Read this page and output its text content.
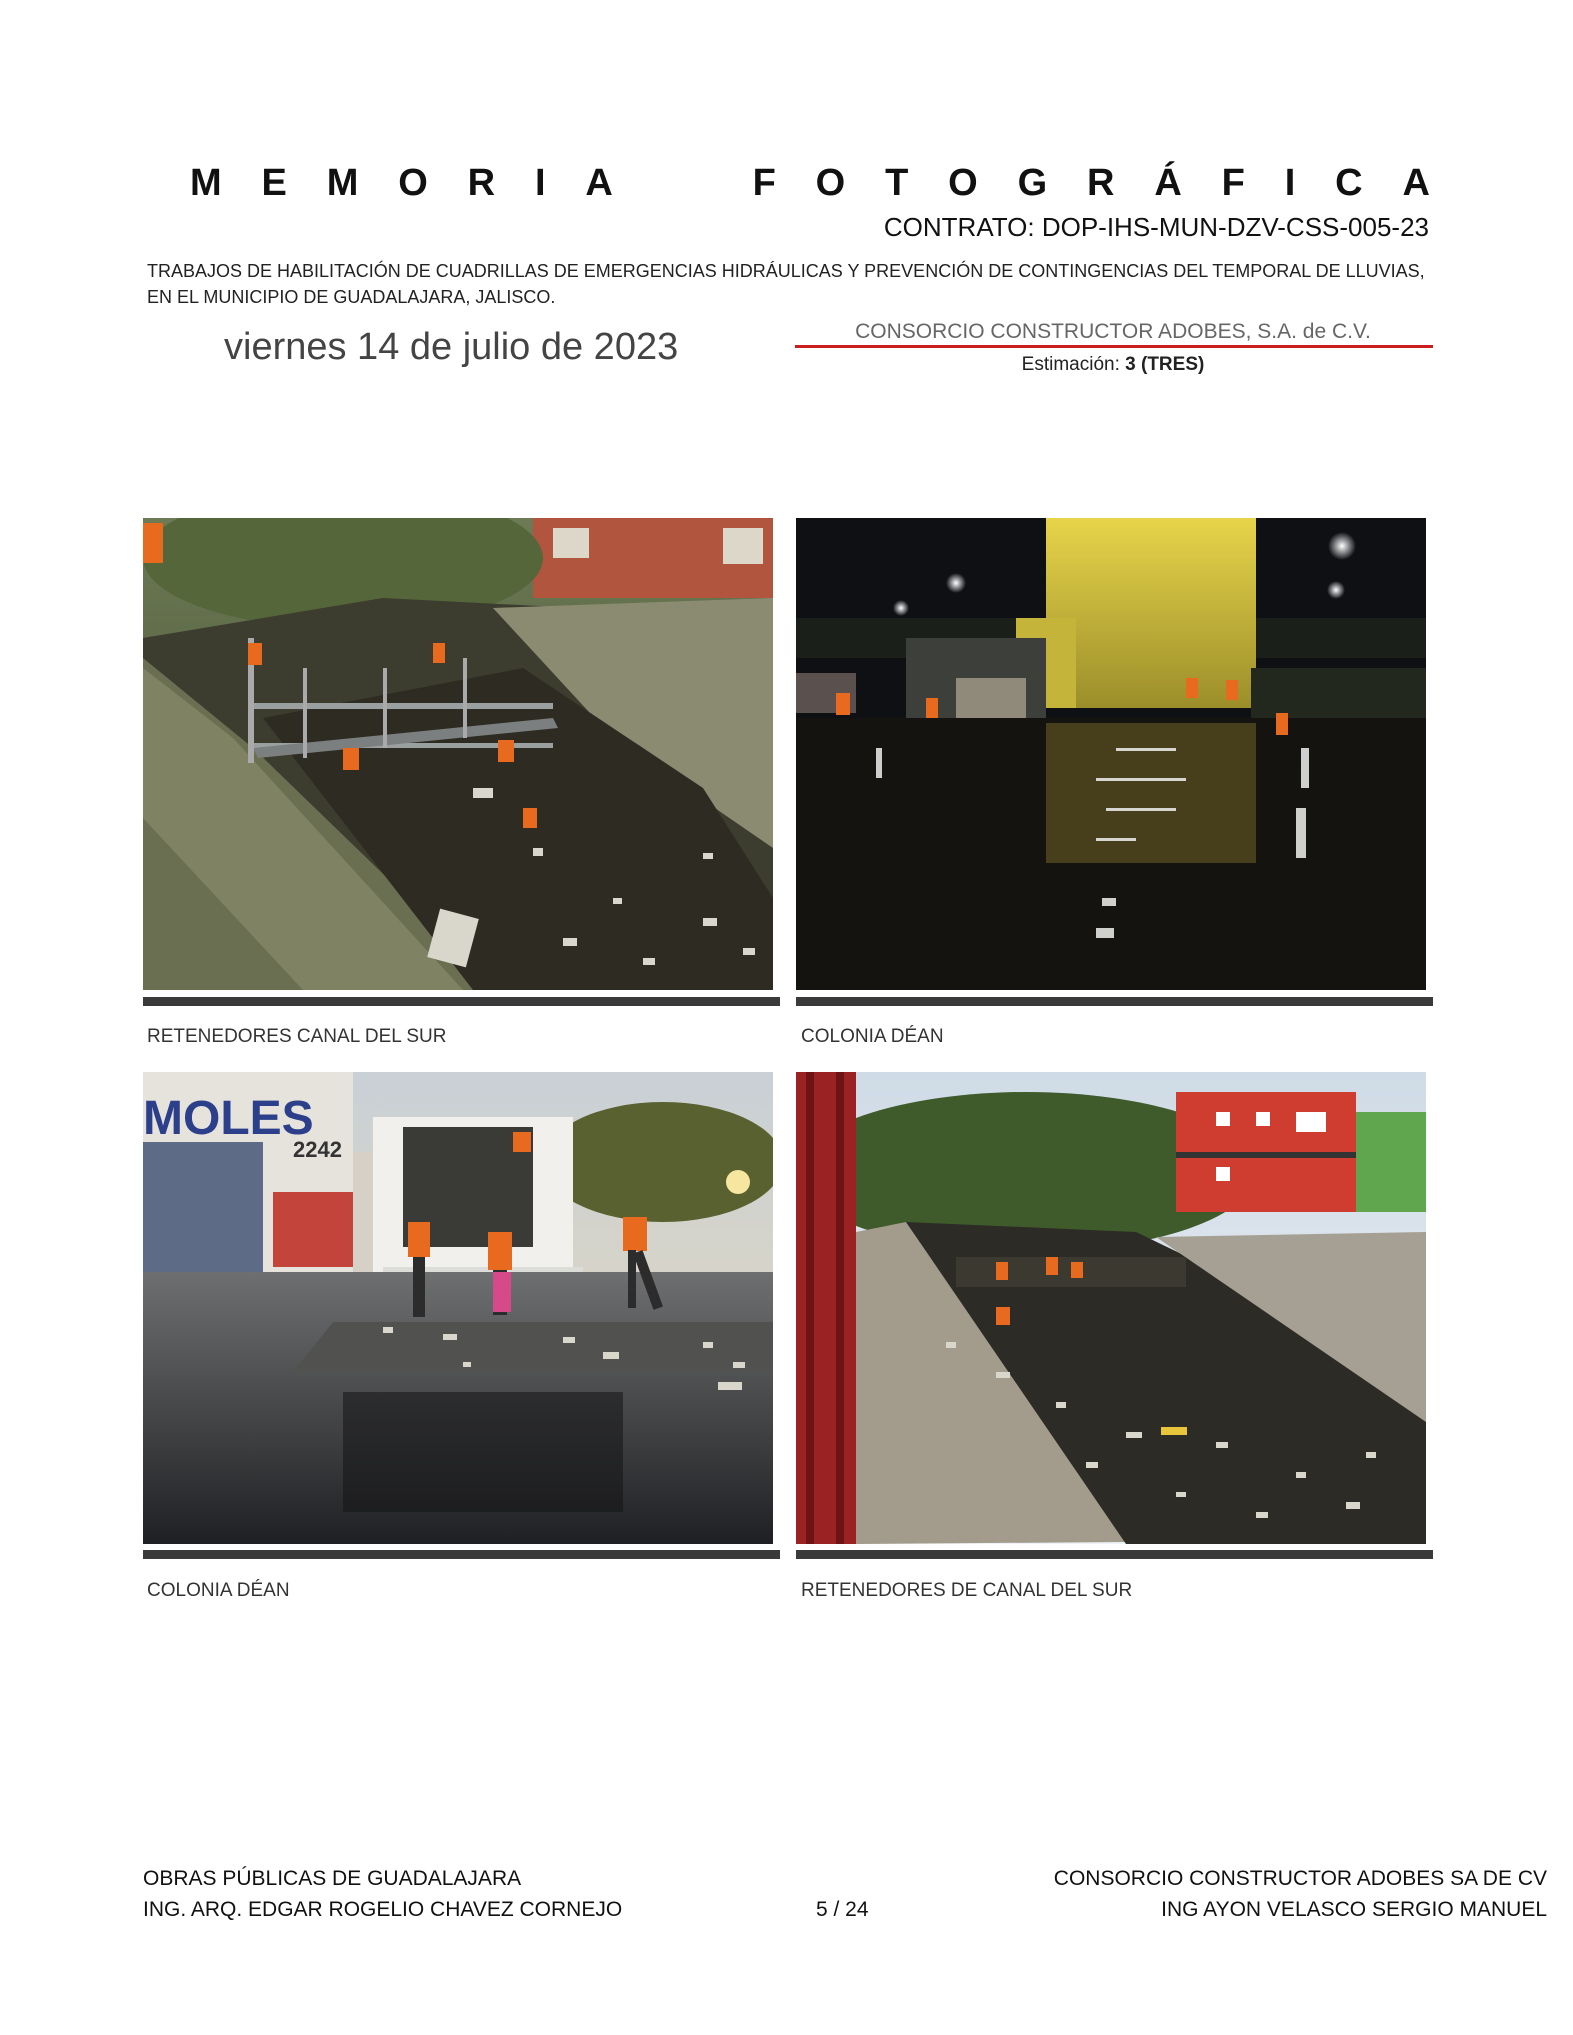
M E M O R I A	F O T O G R Á F I C A
CONTRATO: DOP-IHS-MUN-DZV-CSS-005-23
TRABAJOS DE HABILITACIÓN DE CUADRILLAS DE EMERGENCIAS HIDRÁULICAS Y PREVENCIÓN DE CONTINGENCIAS DEL TEMPORAL DE LLUVIAS,
EN EL MUNICIPIO DE GUADALAJARA, JALISCO.
viernes 14 de julio de 2023	CONSORCIO CONSTRUCTOR ADOBES, S.A. de C.V.
Estimación: 3 (TRES)
RETENEDORES CANAL DEL SUR	COLONIA DÉAN
MOLES
2242
COLONIA DÉAN	RETENEDORES DE CANAL DEL SUR
OBRAS PÚBLICAS DE GUADALAJARA
ING. ARQ. EDGAR ROGELIO CHAVEZ CORNEJO	5 / 24
CONSORCIO CONSTRUCTOR ADOBES SA DE CV
ING AYON VELASCO SERGIO MANUEL
